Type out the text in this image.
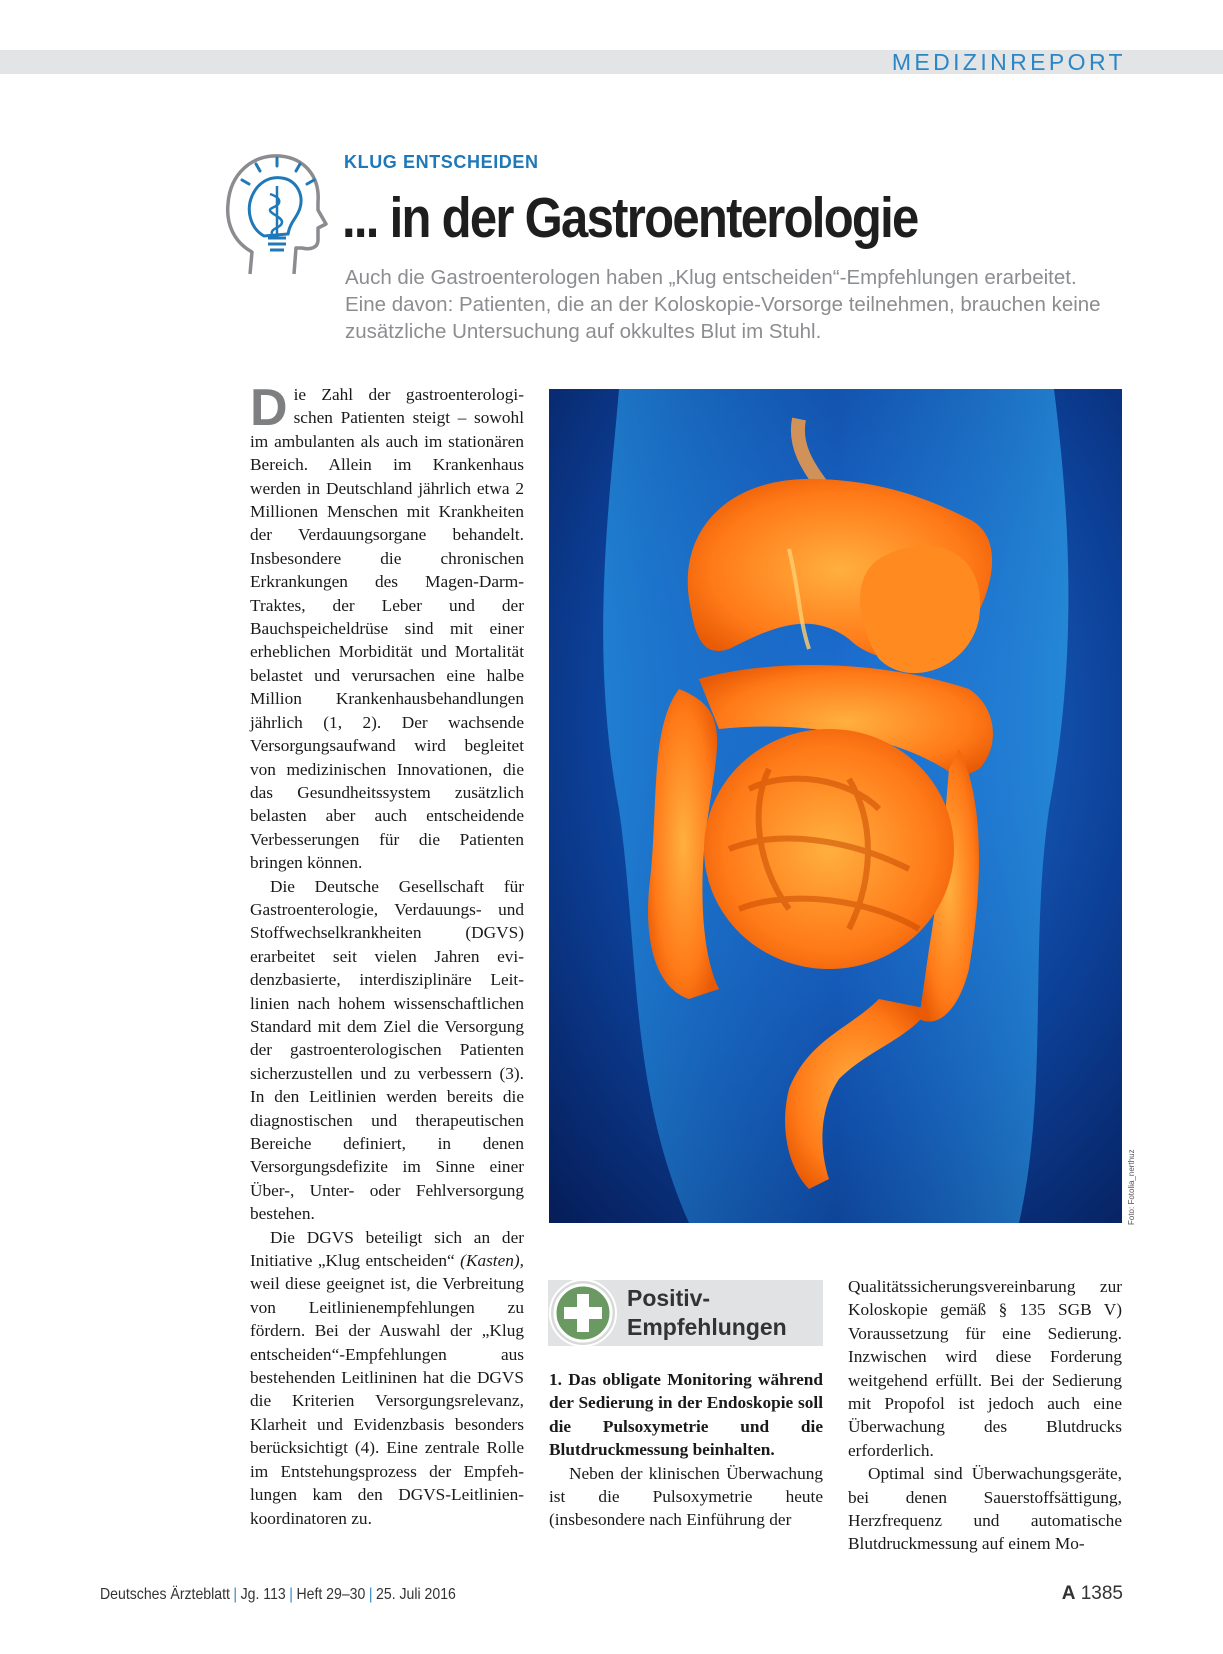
MEDIZINREPORT
KLUG ENTSCHEIDEN
... in der Gastroenterologie
Auch die Gastroenterologen haben „Klug entscheiden“-Empfehlungen erarbeitet. Eine davon: Patienten, die an der Koloskopie-Vorsorge teilnehmen, brauchen keine zusätzliche Untersuchung auf okkultes Blut im Stuhl.

Die Zahl der gastroenterologischen Patienten steigt – sowohl im ambulanten als auch im stationären Bereich. Allein im Krankenhaus werden in Deutschland jährlich etwa 2 Millionen Menschen mit Krankheiten der Verdauungsorgane behandelt. Insbesondere die chronischen Erkrankungen des Magen-Darm-Traktes, der Leber und der Bauchspeicheldrüse sind mit einer erheblichen Morbidität und Mortalität belastet und verursachen eine halbe Million Krankenhausbehandlungen jährlich (1, 2). Der wachsende Versorgungsaufwand wird begleitet von medizinischen Innovationen, die das Gesundheitssystem zusätzlich belasten aber auch entscheidende Verbesserungen für die Patienten bringen können.

Die Deutsche Gesellschaft für Gastroenterologie, Verdauungs- und Stoffwechselkrankheiten (DGVS) erarbeitet seit vielen Jahren evidenzbasierte, interdisziplinäre Leitlinien nach hohem wissenschaftlichen Standard mit dem Ziel die Versorgung der gastroenterologischen Patienten sicherzustellen und zu verbessern (3). In den Leitlinien werden bereits die diagnostischen und therapeutischen Bereiche definiert, in denen Versorgungsdefizite im Sinne einer Über-, Unter- oder Fehlversorgung bestehen.

Die DGVS beteiligt sich an der Initiative „Klug entscheiden“ (Kasten), weil diese geeignet ist, die Verbreitung von Leitlinienempfehlungen zu fördern. Bei der Auswahl der „Klug entscheiden“-Empfehlungen aus bestehenden Leitlininen hat die DGVS die Kriterien Versorgungsrelevanz, Klarheit und Evidenzbasis besonders berücksichtigt (4). Eine zentrale Rolle im Entstehungsprozess der Empfehlungen kam den DGVS-Leitlinienkoordinatoren zu.

Foto: Fotolia_nerthuz
Positiv-Empfehlungen

1. Das obligate Monitoring während der Sedierung in der Endoskopie soll die Pulsoxymetrie und die Blutdruckmessung beinhalten.

Neben der klinischen Überwachung ist die Pulsoxymetrie heute (insbesondere nach Einführung der

Qualitätssicherungsvereinbarung zur Koloskopie gemäß § 135 SGB V) Voraussetzung für eine Sedierung. Inzwischen wird diese Forderung weitgehend erfüllt. Bei der Sedierung mit Propofol ist jedoch auch eine Überwachung des Blutdrucks erforderlich.

Optimal sind Überwachungsgeräte, bei denen Sauerstoffsättigung, Herzfrequenz und automatische Blutdruckmessung auf einem Mo-

Deutsches Ärzteblatt | Jg. 113 | Heft 29–30 | 25. Juli 2016	A 1385
